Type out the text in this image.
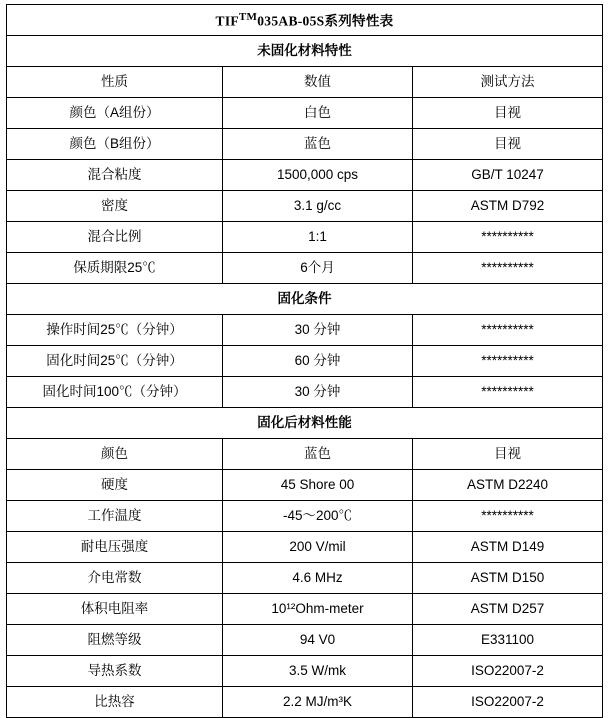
TIF™035AB-05S系列特性表		
未固化材料特性		
性质	数值	测试方法
颜色（A组份）	白色	目视
颜色（B组份）	蓝色	目视
混合粘度	1500,000 cps	GB/T 10247
密度	3.1 g/cc	ASTM D792
混合比例	1:1	**********
保质期限25℃	6个月	**********
固化条件		
操作时间25℃（分钟）	30 分钟	**********
固化时间25℃（分钟）	60 分钟	**********
固化时间100℃（分钟）	30 分钟	**********
固化后材料性能		
颜色	蓝色	目视
硬度	45 Shore 00	ASTM D2240
工作温度	-45～200℃	**********
耐电压强度	200 V/mil	ASTM D149
介电常数	4.6 MHz	ASTM D150
体积电阻率	10¹²Ohm-meter	ASTM D257
阻燃等级	94 V0	E331100
导热系数	3.5 W/mk	ISO22007-2
比热容	2.2 MJ/m³K	ISO22007-2
